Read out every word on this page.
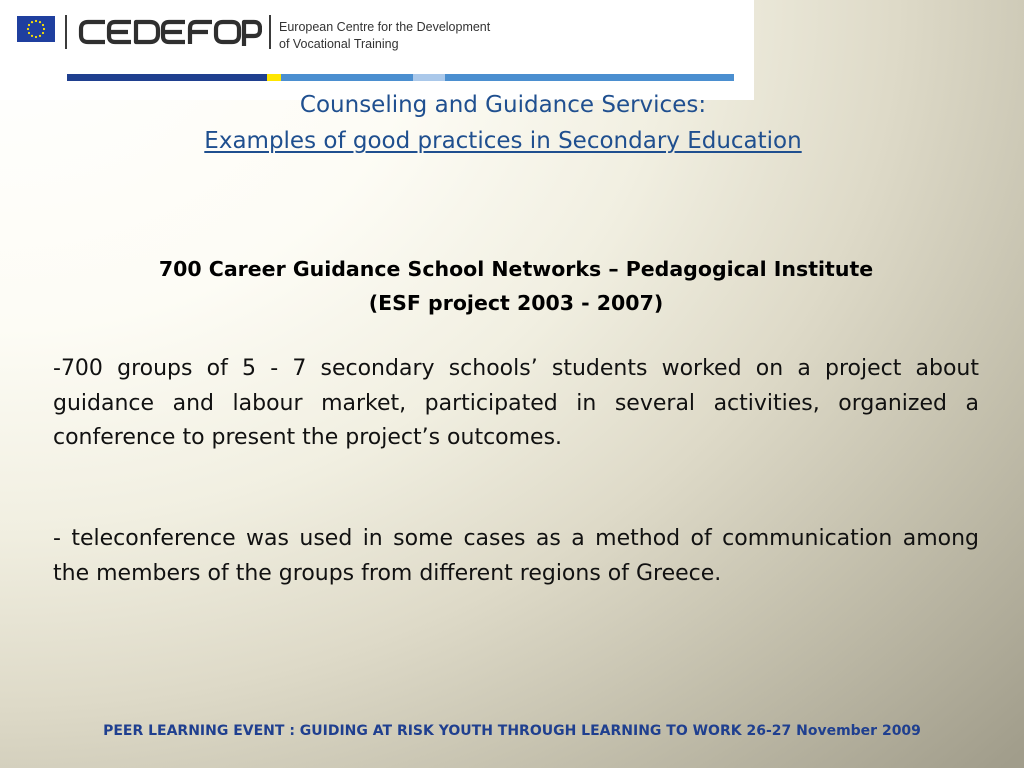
European Centre for the Development
of Vocational Training
Counseling and Guidance Services:
Examples of good practices in Secondary Education
700 Career Guidance School Networks – Pedagogical Institute
(ESF project 2003 - 2007)
-700 groups of 5 - 7 secondary schools’ students worked on a project about guidance and labour market, participated in several activities, organized a conference to present the project’s outcomes.
- teleconference was used in some cases as a method of communication among the members of the groups from different regions of Greece.
PEER LEARNING EVENT : GUIDING AT RISK YOUTH THROUGH LEARNING TO WORK 26-27 November 2009
